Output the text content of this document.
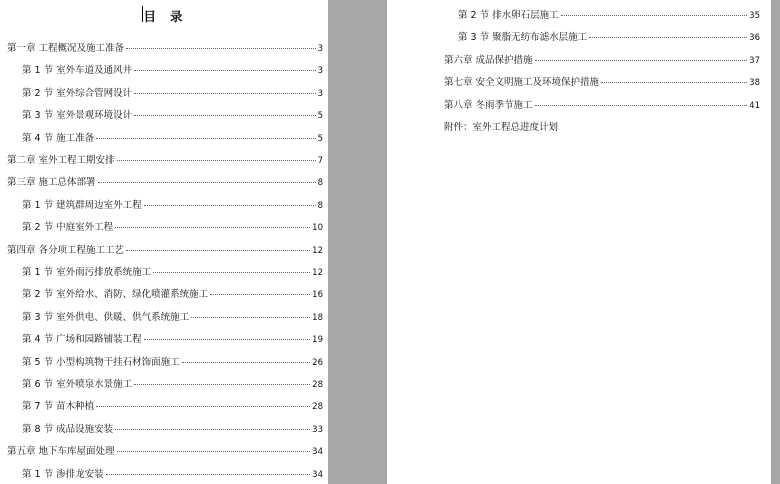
目 录
第一章 工程概况及施工准备	3
第 1 节 室外车道及通风井	3
第 2 节 室外综合管网设计	3
第 3 节 室外景观环境设计	5
第 4 节 施工准备	5
第二章 室外工程工期安排	7
第三章 施工总体部署	8
第 1 节 建筑群周边室外工程	8
第 2 节 中庭室外工程	10
第四章 各分项工程施工工艺	12
第 1 节 室外雨污排放系统施工	12
第 2 节 室外给水、消防、绿化喷灌系统施工	16
第 3 节 室外供电、供暖、供气系统施工	18
第 4 节 广场和园路铺装工程	19
第 5 节 小型构筑物干挂石材饰面施工	26
第 6 节 室外喷泉水景施工	28
第 7 节 苗木种植	28
第 8 节 成品设施安装	33
第五章 地下车库屋面处理	34
第 1 节 渗排龙安装	34
第 2 节 排水卵石层施工	35
第 3 节 聚脂无纺布滤水层施工	36
第六章 成品保护措施	37
第七章 安全文明施工及环境保护措施	38
第八章 冬雨季节施工	41
附件：室外工程总进度计划
